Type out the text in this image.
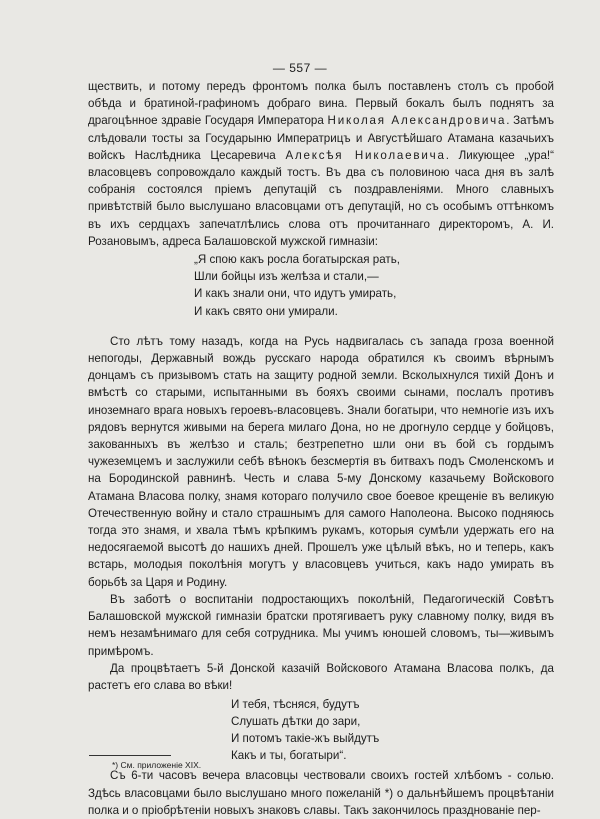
— 557 —

ществить, и потому передъ фронтомъ полка былъ поставленъ столъ съ пробой обѣда и братиной-графиномъ добраго вина. Первый бокалъ былъ поднятъ за драгоцѣнное здравіе Государя Императора Николая Александровича. Затѣмъ слѣдовали тосты за Государыню Императрицъ и Августѣйшаго Атамана казачьихъ войскъ Наслѣдника Цесаревича Алексѣя Николаевича. Ликующее „ура!“ власовцевъ сопровождало каждый тостъ. Въ два съ половиною часа дня въ залѣ собранія состоялся пріемъ депутацій съ поздравленіями. Много славныхъ привѣтствій было выслушано власовцами отъ депутацій, но съ особымъ оттѣнкомъ въ ихъ сердцахъ запечатлѣлись слова отъ прочитаннаго директоромъ, А. И. Розановымъ, адреса Балашовской мужской гимназіи:

„Я спою какъ росла богатырская рать,
Шли бойцы изъ желѣза и стали,—
И какъ знали они, что идутъ умирать,
И какъ свято они умирали.

Сто лѣтъ тому назадъ, когда на Русь надвигалась съ запада гроза военной непогоды, Державный вождь русскаго народа обратился къ своимъ вѣрнымъ донцамъ съ призывомъ стать на защиту родной земли. Всколыхнулся тихій Донъ и вмѣстѣ со старыми, испытанными въ бояхъ своими сынами, послалъ противъ иноземнаго врага новыхъ героевъ-власовцевъ. Знали богатыри, что немногіе изъ ихъ рядовъ вернутся живыми на берега милаго Дона, но не дрогнуло сердце у бойцовъ, закованныхъ въ желѣзо и сталь; безтрепетно шли они въ бой съ гордымъ чужеземцемъ и заслужили себѣ вѣнокъ безсмертія въ битвахъ подъ Смоленскомъ и на Бородинской равнинѣ. Честь и слава 5-му Донскому казачьему Войскового Атамана Власова полку, знамя котораго получило свое боевое крещеніе въ великую Отечественную войну и стало страшнымъ для самого Наполеона. Высоко подняюсь тогда это знамя, и хвала тѣмъ крѣпкимъ рукамъ, которыя сумѣли удержать его на недосягаемой высотѣ до нашихъ дней. Прошелъ уже цѣлый вѣкъ, но и теперь, какъ встарь, молодыя поколѣнія могутъ у власовцевъ учиться, какъ надо умирать въ борьбѣ за Царя и Родину.

Въ заботѣ о воспитаніи подростающихъ поколѣній, Педагогическій Совѣтъ Балашовской мужской гимназіи братски протягиваетъ руку славному полку, видя въ немъ незамѣнимаго для себя сотрудника. Мы учимъ юношей словомъ, ты—живымъ примѣромъ.

Да процвѣтаетъ 5-й Донской казачій Войскового Атамана Власова полкъ, да растетъ его слава во вѣки!

И тебя, тѣсняся, будутъ
Слушать дѣтки до зари,
И потомъ такіе-жъ выйдутъ
Какъ и ты, богатыри“.

Съ 6-ти часовъ вечера власовцы чествовали своихъ гостей хлѣбомъ - солью. Здѣсь власовцами было выслушано много пожеланій *) о дальнѣйшемъ процвѣтаніи полка и о пріобрѣтеніи новыхъ знаковъ славы. Такъ закончилось празднованіе пер-

*) См. приложеніе XIX.
